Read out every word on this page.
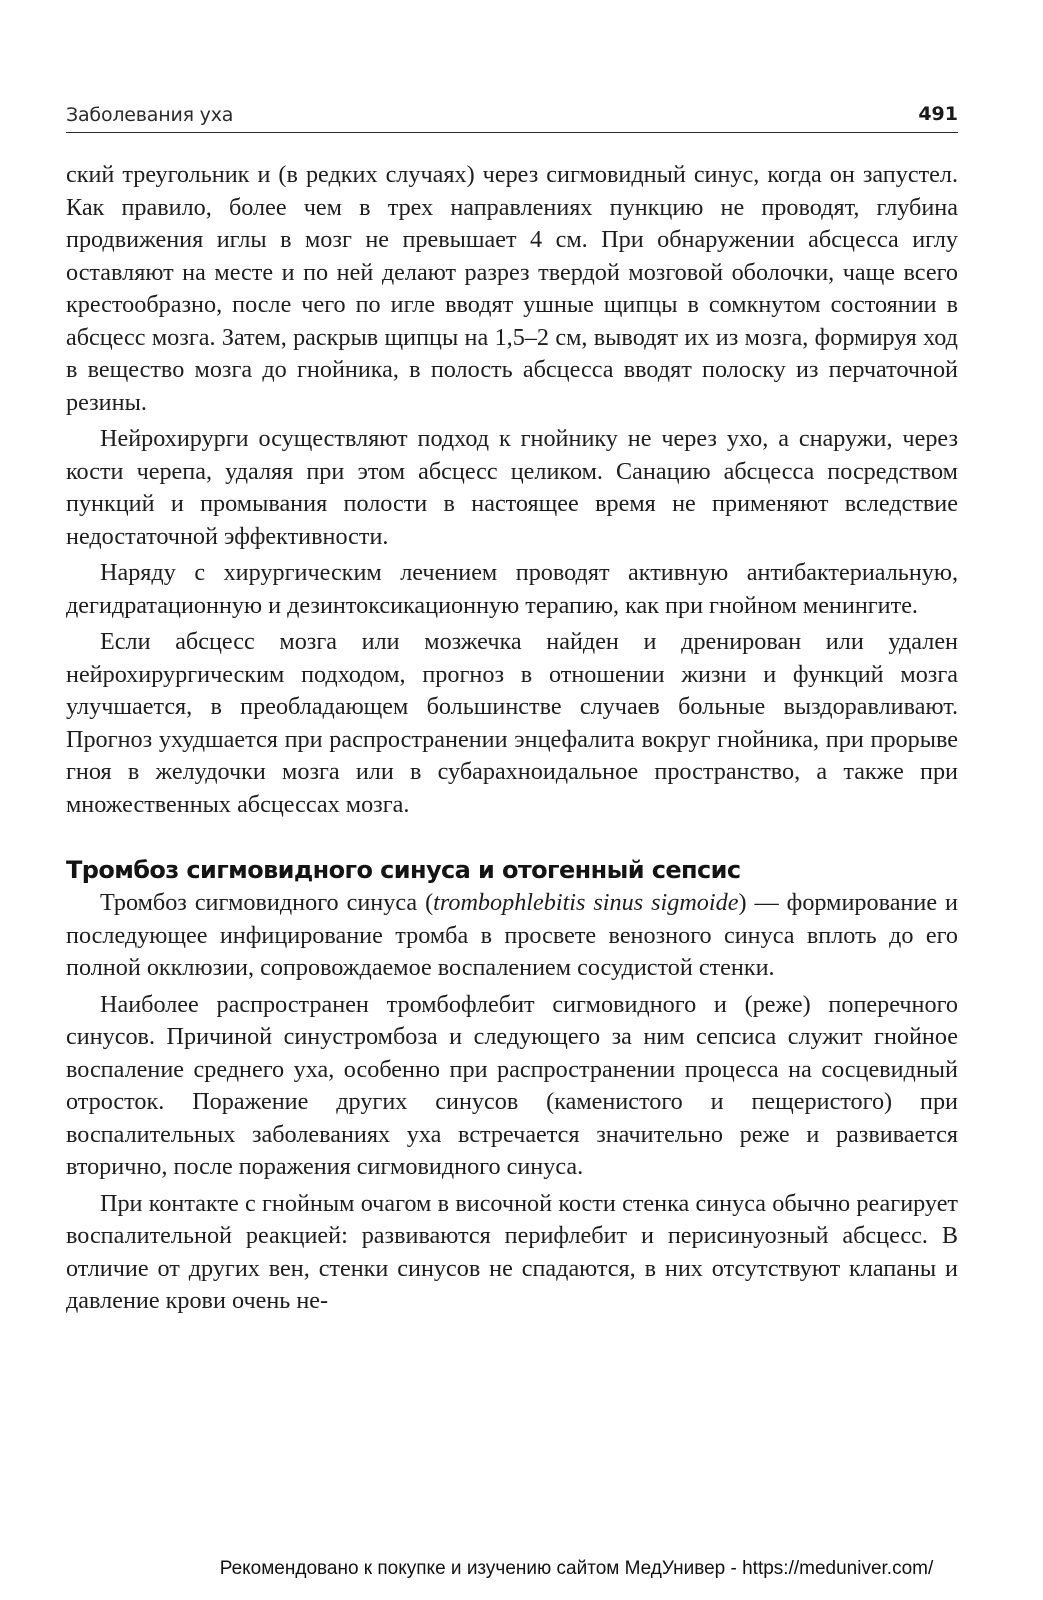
Заболевания уха	491

ский треугольник и (в редких случаях) через сигмовидный синус, когда он запустел. Как правило, более чем в трех направлениях пункцию не проводят, глубина продвижения иглы в мозг не превышает 4 см. При обнаружении абсцесса иглу оставляют на месте и по ней делают разрез твердой мозговой оболочки, чаще всего крестообразно, после чего по игле вводят ушные щипцы в сомкнутом состоянии в абсцесс мозга. Затем, раскрыв щипцы на 1,5–2 см, выводят их из мозга, формируя ход в вещество мозга до гнойника, в полость абсцесса вводят полоску из перчаточной резины.

Нейрохирурги осуществляют подход к гнойнику не через ухо, а снаружи, через кости черепа, удаляя при этом абсцесс целиком. Санацию абсцесса посредством пункций и промывания полости в настоящее время не применяют вследствие недостаточной эффективности.

Наряду с хирургическим лечением проводят активную антибактериальную, дегидратационную и дезинтоксикационную терапию, как при гнойном менингите.

Если абсцесс мозга или мозжечка найден и дренирован или удален нейрохирургическим подходом, прогноз в отношении жизни и функций мозга улучшается, в преобладающем большинстве случаев больные выздоравливают. Прогноз ухудшается при распространении энцефалита вокруг гнойника, при прорыве гноя в желудочки мозга или в субарахноидальное пространство, а также при множественных абсцессах мозга.

Тромбоз сигмовидного синуса и отогенный сепсис

Тромбоз сигмовидного синуса (trombophlebitis sinus sigmoide) — формирование и последующее инфицирование тромба в просвете венозного синуса вплоть до его полной окклюзии, сопровождаемое воспалением сосудистой стенки.

Наиболее распространен тромбофлебит сигмовидного и (реже) поперечного синусов. Причиной синустромбоза и следующего за ним сепсиса служит гнойное воспаление среднего уха, особенно при распространении процесса на сосцевидный отросток. Поражение других синусов (каменистого и пещеристого) при воспалительных заболеваниях уха встречается значительно реже и развивается вторично, после поражения сигмовидного синуса.

При контакте с гнойным очагом в височной кости стенка синуса обычно реагирует воспалительной реакцией: развиваются перифлебит и перисинуозный абсцесс. В отличие от других вен, стенки синусов не спадаются, в них отсутствуют клапаны и давление крови очень не-

Рекомендовано к покупке и изучению сайтом МедУнивер - https://meduniver.com/
